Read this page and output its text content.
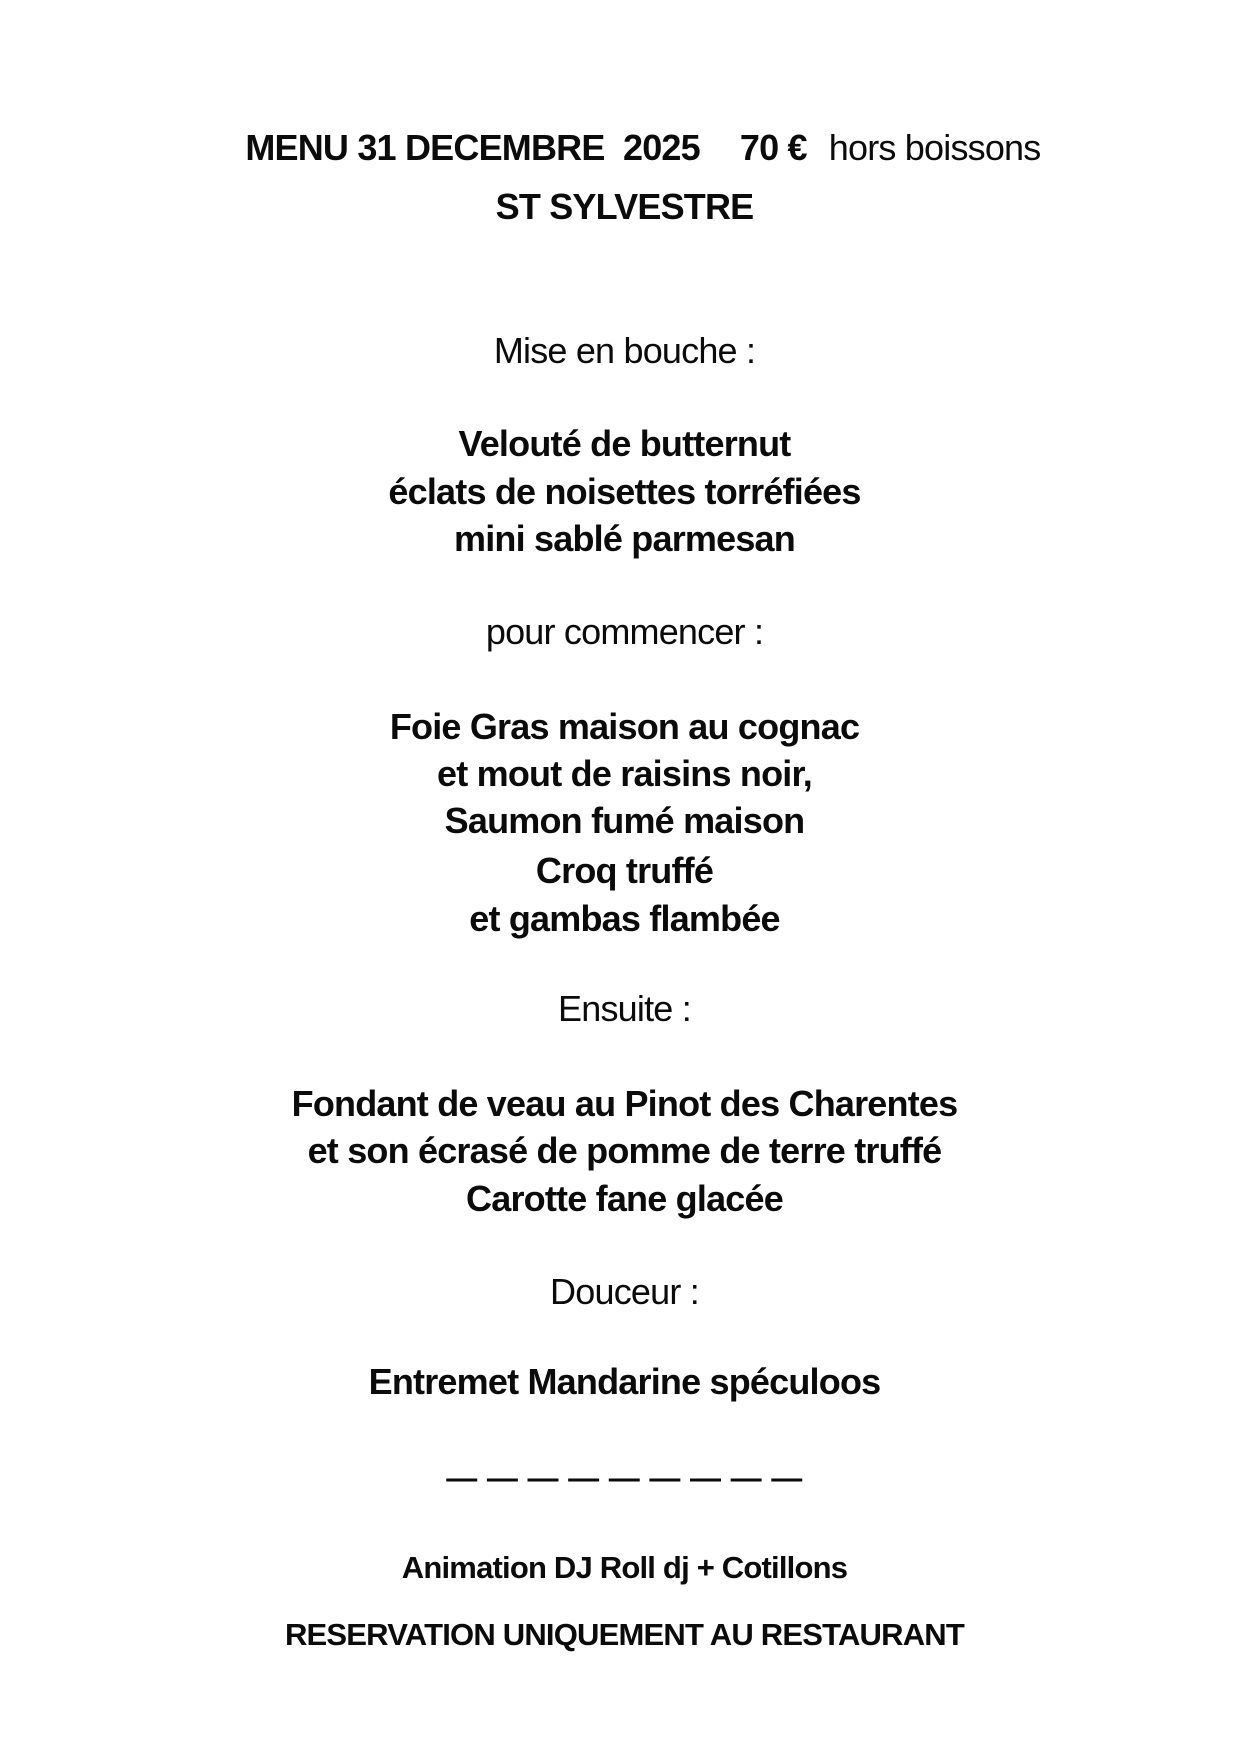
MENU 31 DECEMBRE  2025 70 € hors boissons

ST SYLVESTRE
Mise en bouche :
Velouté de butternut
éclats de noisettes torréfiées
mini sablé parmesan
pour commencer :
Foie Gras maison au cognac
et mout de raisins noir,
Saumon fumé maison
Croq truffé
et gambas flambée
Ensuite :
Fondant de veau au Pinot des Charentes
et son écrasé de pomme de terre truffé
Carotte fane glacée
Douceur :
Entremet Mandarine spéculoos
— — — — — — — — —
Animation DJ Roll dj + Cotillons
RESERVATION UNIQUEMENT AU RESTAURANT
